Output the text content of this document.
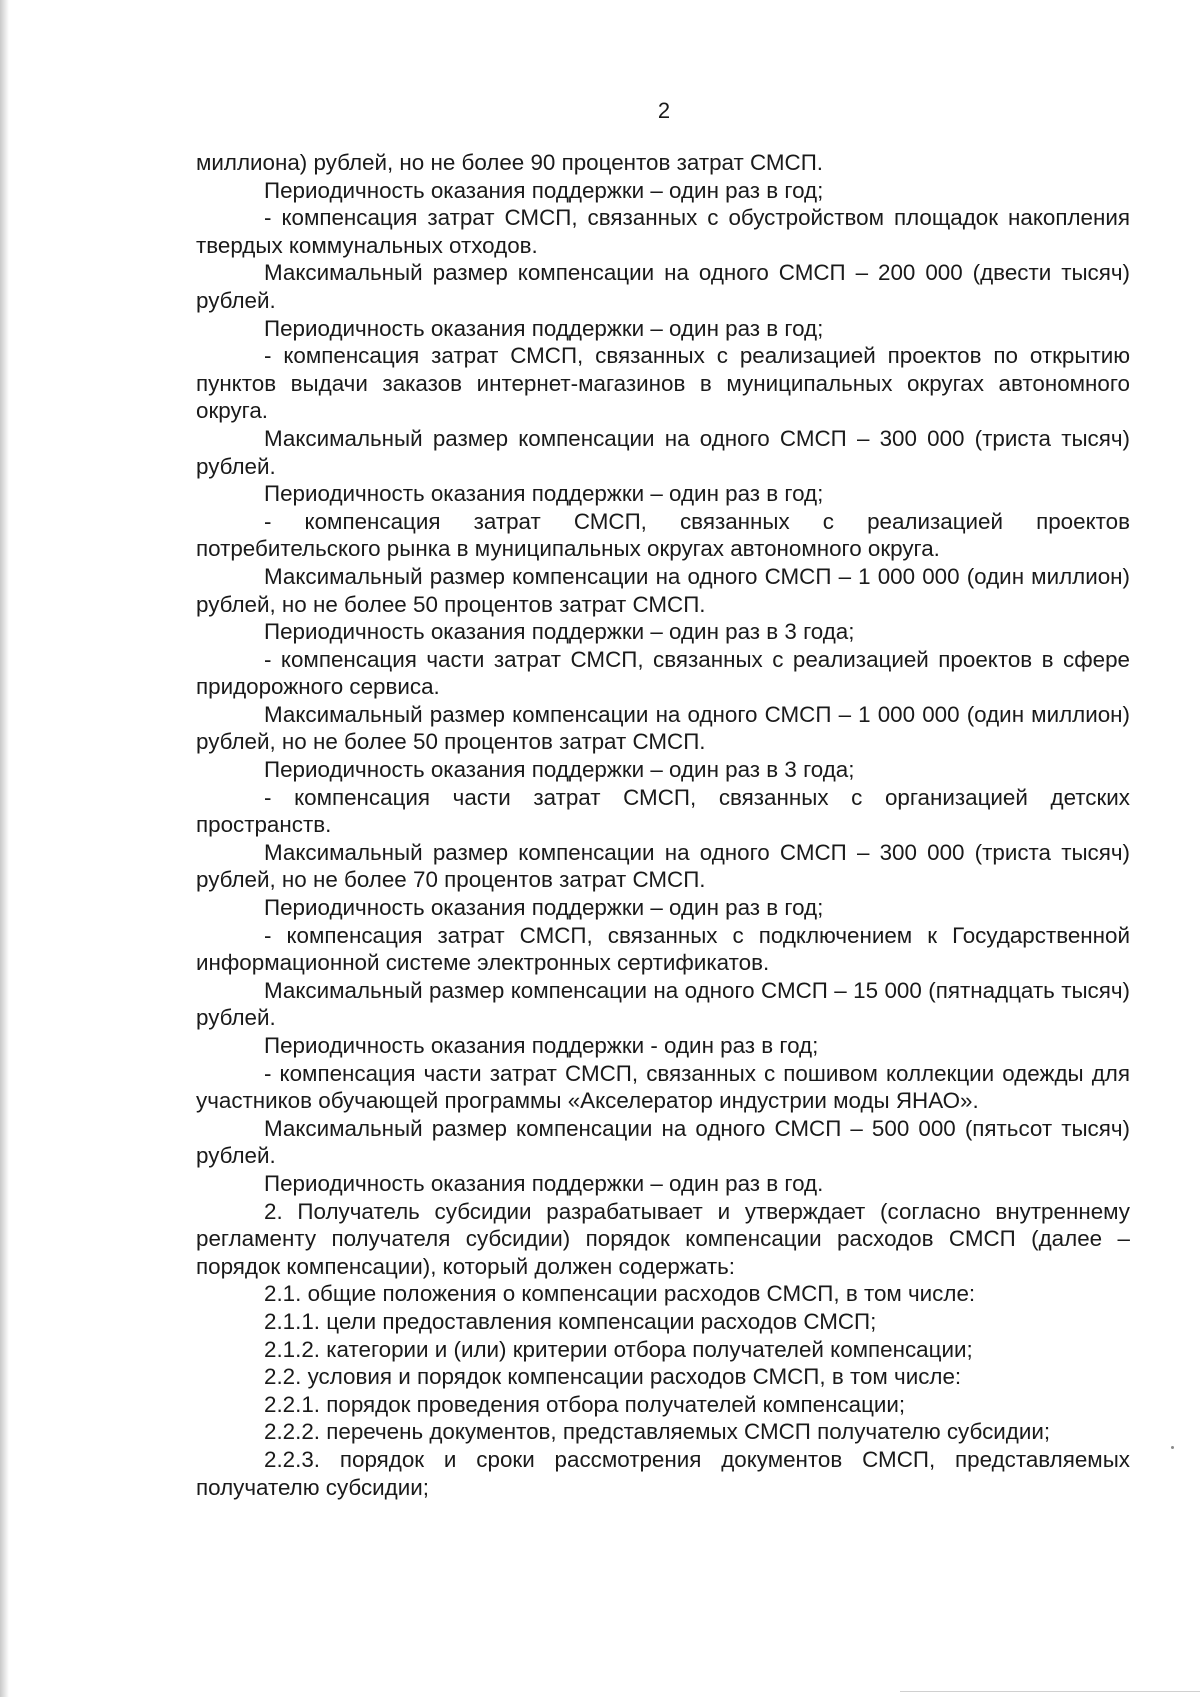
2

миллиона) рублей, но не более 90 процентов затрат СМСП.

Периодичность оказания поддержки – один раз в год;

- компенсация затрат СМСП, связанных с обустройством площадок накопления твердых коммунальных отходов.

Максимальный размер компенсации на одного СМСП – 200 000 (двести тысяч) рублей.

Периодичность оказания поддержки – один раз в год;

- компенсация затрат СМСП, связанных с реализацией проектов по открытию пунктов выдачи заказов интернет-магазинов в муниципальных округах автономного округа.

Максимальный размер компенсации на одного СМСП – 300 000 (триста тысяч) рублей.

Периодичность оказания поддержки – один раз в год;

- компенсация затрат СМСП, связанных с реализацией проектов потребительского рынка в муниципальных округах автономного округа.

Максимальный размер компенсации на одного СМСП – 1 000 000 (один миллион) рублей, но не более 50 процентов затрат СМСП.

Периодичность оказания поддержки – один раз в 3 года;

- компенсация части затрат СМСП, связанных с реализацией проектов в сфере придорожного сервиса.

Максимальный размер компенсации на одного СМСП – 1 000 000 (один миллион) рублей, но не более 50 процентов затрат СМСП.

Периодичность оказания поддержки – один раз в 3 года;

- компенсация части затрат СМСП, связанных с организацией детских пространств.

Максимальный размер компенсации на одного СМСП – 300 000 (триста тысяч) рублей, но не более 70 процентов затрат СМСП.

Периодичность оказания поддержки – один раз в год;

- компенсация затрат СМСП, связанных с подключением к Государственной информационной системе электронных сертификатов.

Максимальный размер компенсации на одного СМСП – 15 000 (пятнадцать тысяч) рублей.

Периодичность оказания поддержки - один раз в год;

- компенсация части затрат СМСП, связанных с пошивом коллекции одежды для участников обучающей программы «Акселератор индустрии моды ЯНАО».

Максимальный размер компенсации на одного СМСП – 500 000 (пятьсот тысяч) рублей.

Периодичность оказания поддержки – один раз в год.

2. Получатель субсидии разрабатывает и утверждает (согласно внутреннему регламенту получателя субсидии) порядок компенсации расходов СМСП (далее – порядок компенсации), который должен содержать:

2.1. общие положения о компенсации расходов СМСП, в том числе:

2.1.1. цели предоставления компенсации расходов СМСП;

2.1.2. категории и (или) критерии отбора получателей компенсации;

2.2. условия и порядок компенсации расходов СМСП, в том числе:

2.2.1. порядок проведения отбора получателей компенсации;

2.2.2. перечень документов, представляемых СМСП получателю субсидии;

2.2.3. порядок и сроки рассмотрения документов СМСП, представляемых получателю субсидии;
